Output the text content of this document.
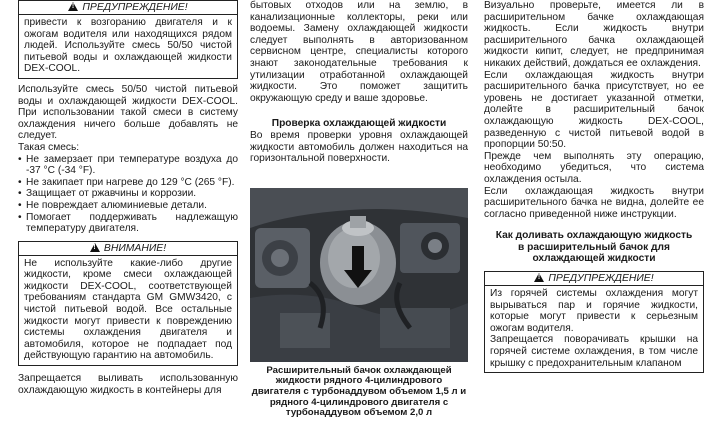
!ПРЕДУПРЕЖДЕНИЕ!
привести к возгоранию двигателя и к ожогам водителя или находящихся рядом людей. Используйте смесь 50/50 чистой питьевой воды и охлаждающей жидкости DEX-COOL.

Используйте смесь 50/50 чистой питьевой воды и охлаждающей жидкости DEX-COOL. При использовании такой смеси в систему охлаждения ничего больше добавлять не следует.

Такая смесь:

• Не замерзает при температуре воздуха до -37 °С (-34 °F).
• Не закипает при нагреве до 129 °С (265 °F).
• Защищает от ржавчины и коррозии.
• Не повреждает алюминиевые детали.
• Помогает поддерживать надлежащую температуру двигателя.
!ВНИМАНИЕ!
Не используйте какие-либо другие жидкости, кроме смеси охлаждающей жидкости DEX-COOL, соответствующей требованиям стандарта GM GMW3420, с чистой питьевой водой. Все остальные жидкости могут привести к повреждению системы охлаждения двигателя и автомобиля, которое не подпадает под действующую гарантию на автомобиль.

Запрещается выливать использованную охлаждающую жидкость в контейнеры для

бытовых отходов или на землю, в канализационные коллекторы, реки или водоемы. Замену охлаждающей жидкости следует выполнять в авторизованном сервисном центре, специалисты которого знают законодательные требования к утилизации отработанной охлаждающей жидкости. Это поможет защитить окружающую среду и ваше здоровье.

Проверка охлаждающей жидкости

Во время проверки уровня охлаждающей жидкости автомобиль должен находиться на горизонтальной поверхности.

Расширительный бачок охлаждающей жидкости рядного 4-цилиндрового двигателя с турбонаддувом объемом 1,5 л и рядного 4-цилиндрового двигателя с турбонаддувом объемом 2,0 л

Визуально проверьте, имеется ли в расширительном бачке охлаждающая жидкость. Если жидкость внутри расширительного бачка охлаждающей жидкости кипит, следует, не предпринимая никаких действий, дождаться ее охлаждения.

Если охлаждающая жидкость внутри расширительного бачка присутствует, но ее уровень не достигает указанной отметки, долейте в расширительный бачок охлаждающую жидкость DEX-COOL, разведенную с чистой питьевой водой в пропорции 50:50.

Прежде чем выполнять эту операцию, необходимо убедиться, что система охлаждения остыла.

Если охлаждающая жидкость внутри расширительного бачка не видна, долейте ее согласно приведенной ниже инструкции.

Как доливать охлаждающую жидкость в расширительный бачок для охлаждающей жидкости
!ПРЕДУПРЕЖДЕНИЕ!

Из горячей системы охлаждения могут вырываться пар и горячие жидкости, которые могут привести к серьезным ожогам водителя.

Запрещается поворачивать крышки на горячей системе охлаждения, в том числе крышку с предохранительным клапаном
